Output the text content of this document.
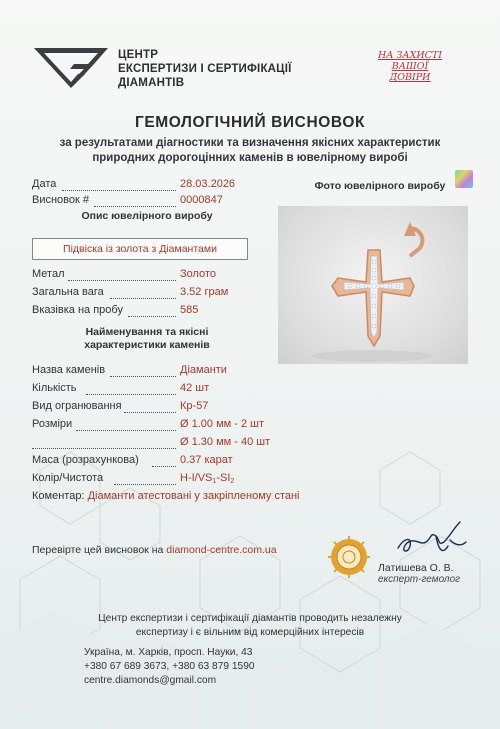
ЦЕНТР
ЕКСПЕРТИЗИ І СЕРТИФІКАЦІЇ
ДІАМАНТІВ
НА ЗАХИСТІ
ВАШОЇ
ДОВІРИ
ГЕМОЛОГІЧНИЙ ВИСНОВОК
за результатами діагностики та визначення якісних характеристик
природних дорогоцінних каменів в ювелірному виробі
Дата	28.03.2026
Висновок #	0000847
Опис ювелірного виробу
Підвіска із золота з Діамантами
Метал	Золото
Загальна вага	3.52 грам
Вказівка на пробу	585
Фото ювелірного виробу
Найменування та якісні
характеристики каменів
Назва каменів	Діаманти
Кількість	42 шт
Вид огранювання	Кр-57
Розміри	Ø 1.00 мм - 2 шт
Ø 1.30 мм - 40 шт
Маса (розрахункова)	0.37 карат
Колір/Чистота	$H-I/VS_1-SI_2$
Коментар: Діаманти атестовані у закріпленому стані
Перевірте цей висновок на diamond-centre.com.ua
Латишева О. В.
експерт-гемолог
Центр експертизи і сертифікації діамантів проводить незалежну
експертизу і є вільним від комерційних інтересів
Україна, м. Харків, просп. Науки, 43
+380 67 689 3673, +380 63 879 1590
centre.diamonds@gmail.com
